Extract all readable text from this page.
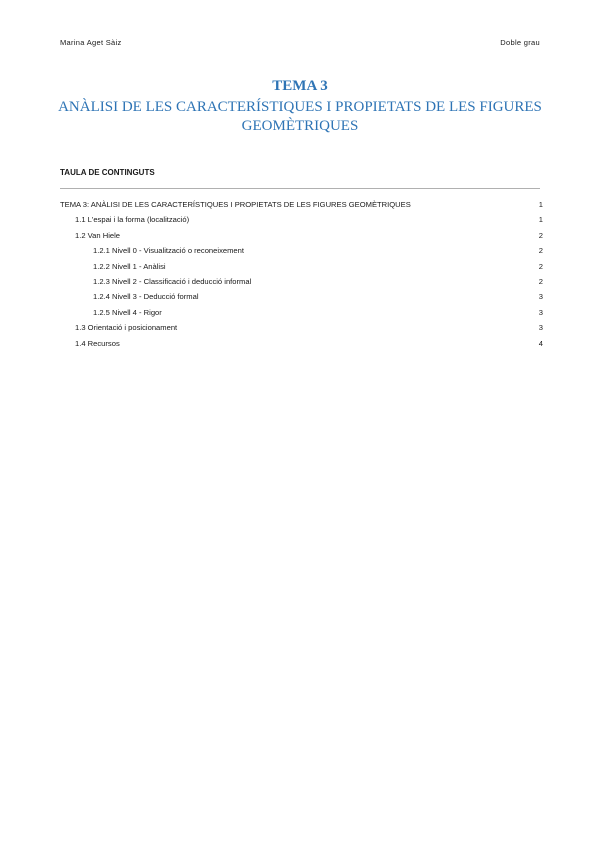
Marina Aget Sàiz	Doble grau
TEMA 3
ANÀLISI DE LES CARACTERÍSTIQUES I PROPIETATS DE LES FIGURES GEOMÈTRIQUES
TAULA DE CONTINGUTS
TEMA 3: ANÀLISI DE LES CARACTERÍSTIQUES I PROPIETATS DE LES FIGURES GEOMÈTRIQUES	1
1.1 L'espai i la forma (localització)	1
1.2 Van Hiele	2
1.2.1 Nivell 0 - Visualització o reconeixement	2
1.2.2 Nivell 1 - Anàlisi	2
1.2.3 Nivell 2 - Classificació i deducció informal	2
1.2.4 Nivell 3 - Deducció formal	3
1.2.5 Nivell 4 - Rigor	3
1.3 Orientació i posicionament	3
1.4 Recursos	4
